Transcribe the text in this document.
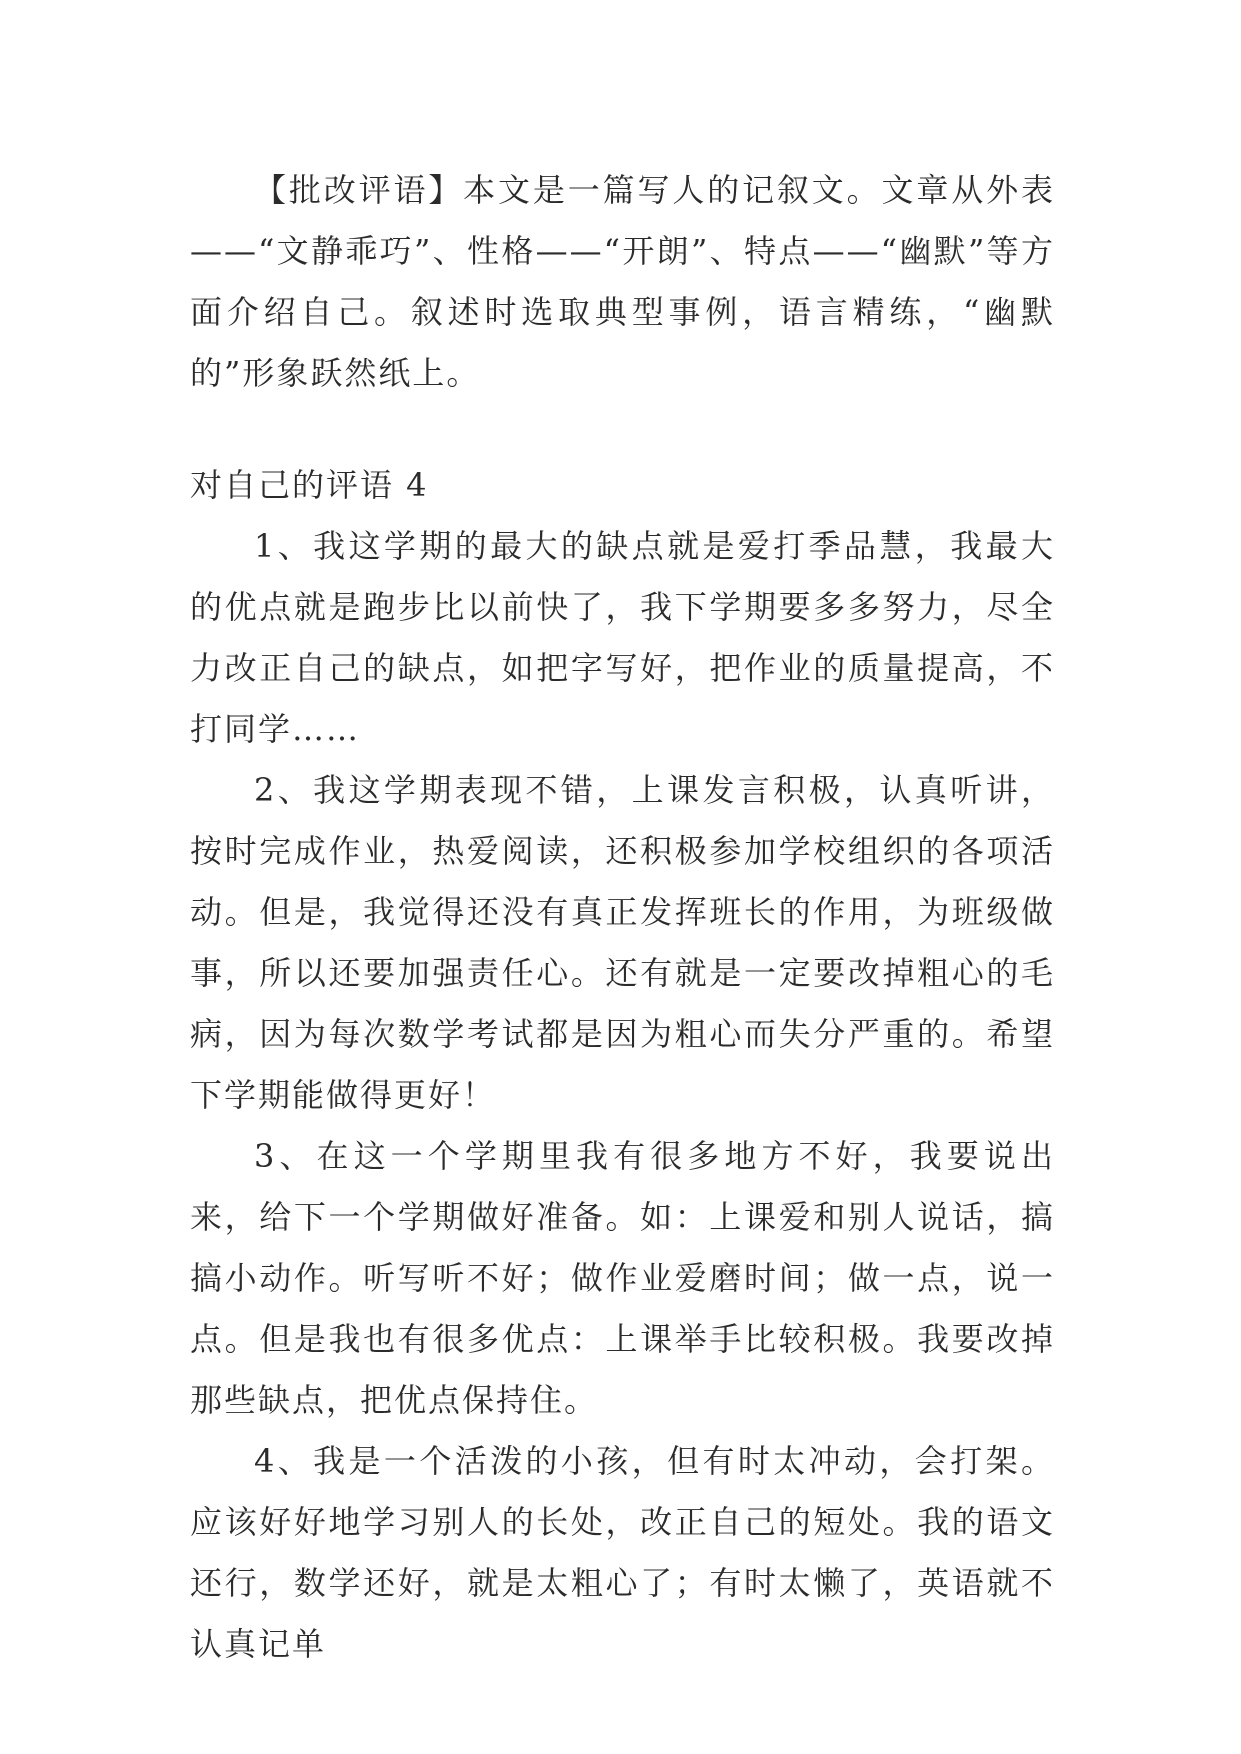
【批改评语】本文是一篇写人的记叙文。文章从外表——“文静乖巧”、性格——“开朗”、特点——“幽默”等方面介绍自己。叙述时选取典型事例，语言精练，“幽默的”形象跃然纸上。

对自己的评语 4

1、我这学期的最大的缺点就是爱打季品慧，我最大的优点就是跑步比以前快了，我下学期要多多努力，尽全力改正自己的缺点，如把字写好，把作业的质量提高，不打同学……

2、我这学期表现不错，上课发言积极，认真听讲，按时完成作业，热爱阅读，还积极参加学校组织的各项活动。但是，我觉得还没有真正发挥班长的作用，为班级做事，所以还要加强责任心。还有就是一定要改掉粗心的毛病，因为每次数学考试都是因为粗心而失分严重的。希望下学期能做得更好！

3、在这一个学期里我有很多地方不好，我要说出来，给下一个学期做好准备。如：上课爱和别人说话，搞搞小动作。听写听不好；做作业爱磨时间；做一点，说一点。但是我也有很多优点：上课举手比较积极。我要改掉那些缺点，把优点保持住。

4、我是一个活泼的小孩，但有时太冲动，会打架。应该好好地学习别人的长处，改正自己的短处。我的语文还行，数学还好，就是太粗心了；有时太懒了，英语就不认真记单
